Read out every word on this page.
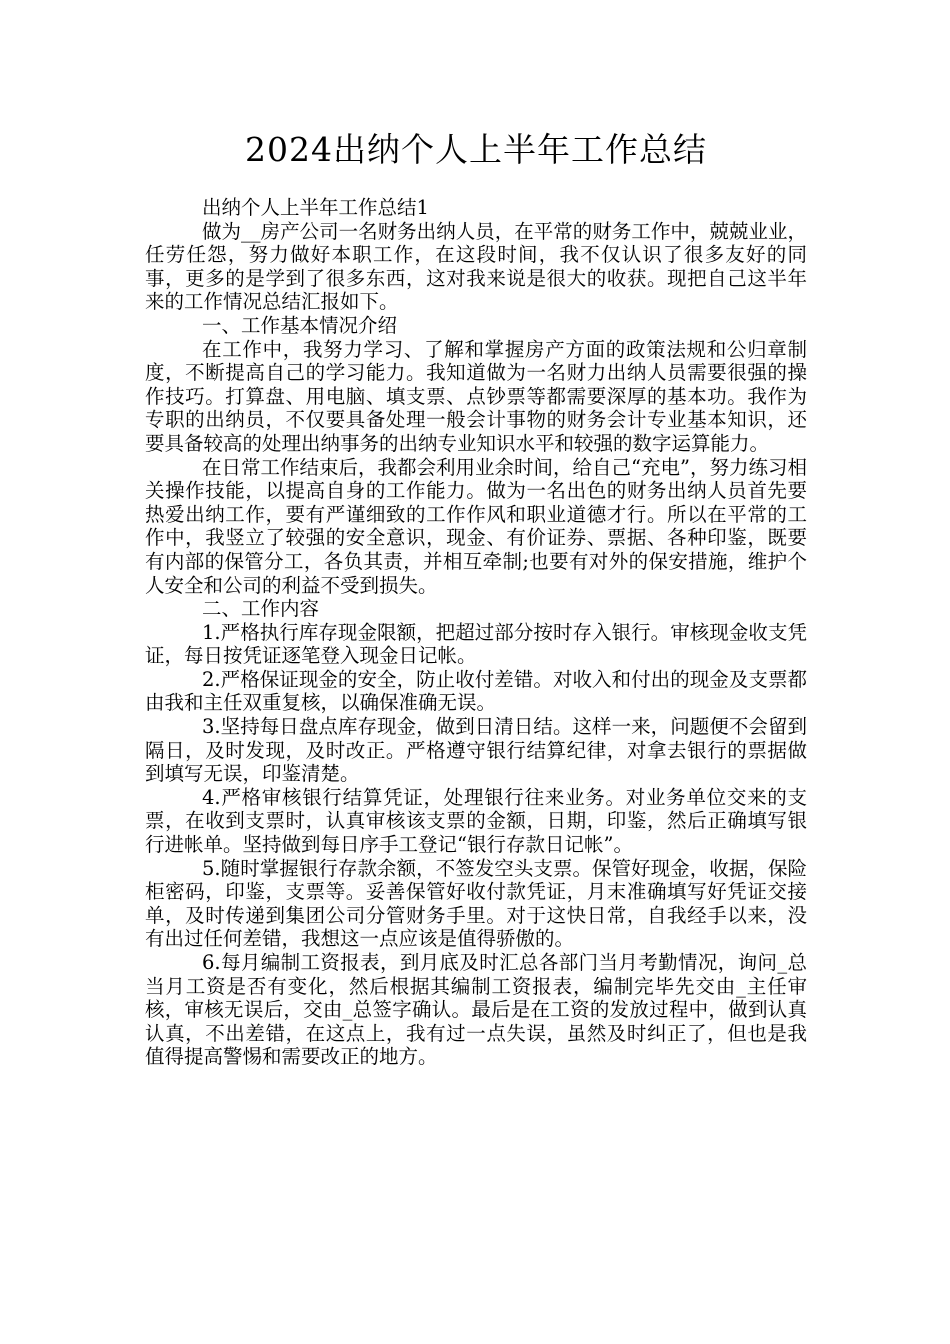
2024出纳个人上半年工作总结

出纳个人上半年工作总结1

做为__房产公司一名财务出纳人员，在平常的财务工作中，兢兢业业，任劳任怨，努力做好本职工作，在这段时间，我不仅认识了很多友好的同事，更多的是学到了很多东西，这对我来说是很大的收获。现把自己这半年来的工作情况总结汇报如下。

一、工作基本情况介绍

在工作中，我努力学习、了解和掌握房产方面的政策法规和公归章制度，不断提高自己的学习能力。我知道做为一名财力出纳人员需要很强的操作技巧。打算盘、用电脑、填支票、点钞票等都需要深厚的基本功。我作为专职的出纳员，不仅要具备处理一般会计事物的财务会计专业基本知识，还要具备较高的处理出纳事务的出纳专业知识水平和较强的数字运算能力。

在日常工作结束后，我都会利用业余时间，给自己“充电”，努力练习相关操作技能，以提高自身的工作能力。做为一名出色的财务出纳人员首先要热爱出纳工作，要有严谨细致的工作作风和职业道德才行。所以在平常的工作中，我竖立了较强的安全意识，现金、有价证券、票据、各种印鉴，既要有内部的保管分工，各负其责，并相互牵制;也要有对外的保安措施，维护个人安全和公司的利益不受到损失。

二、工作内容

1.严格执行库存现金限额，把超过部分按时存入银行。审核现金收支凭证，每日按凭证逐笔登入现金日记帐。

2.严格保证现金的安全，防止收付差错。对收入和付出的现金及支票都由我和主任双重复核，以确保准确无误。

3.坚持每日盘点库存现金，做到日清日结。这样一来，问题便不会留到隔日，及时发现，及时改正。严格遵守银行结算纪律，对拿去银行的票据做到填写无误，印鉴清楚。

4.严格审核银行结算凭证，处理银行往来业务。对业务单位交来的支票，在收到支票时，认真审核该支票的金额，日期，印鉴，然后正确填写银行进帐单。坚持做到每日序手工登记“银行存款日记帐”。

5.随时掌握银行存款余额，不签发空头支票。保管好现金，收据，保险柜密码，印鉴，支票等。妥善保管好收付款凭证，月末准确填写好凭证交接单，及时传递到集团公司分管财务手里。对于这快日常，自我经手以来，没有出过任何差错，我想这一点应该是值得骄傲的。

6.每月编制工资报表，到月底及时汇总各部门当月考勤情况，询问_总当月工资是否有变化，然后根据其编制工资报表，编制完毕先交由_主任审核，审核无误后，交由_总签字确认。最后是在工资的发放过程中，做到认真认真，不出差错，在这点上，我有过一点失误，虽然及时纠正了，但也是我值得提高警惕和需要改正的地方。
